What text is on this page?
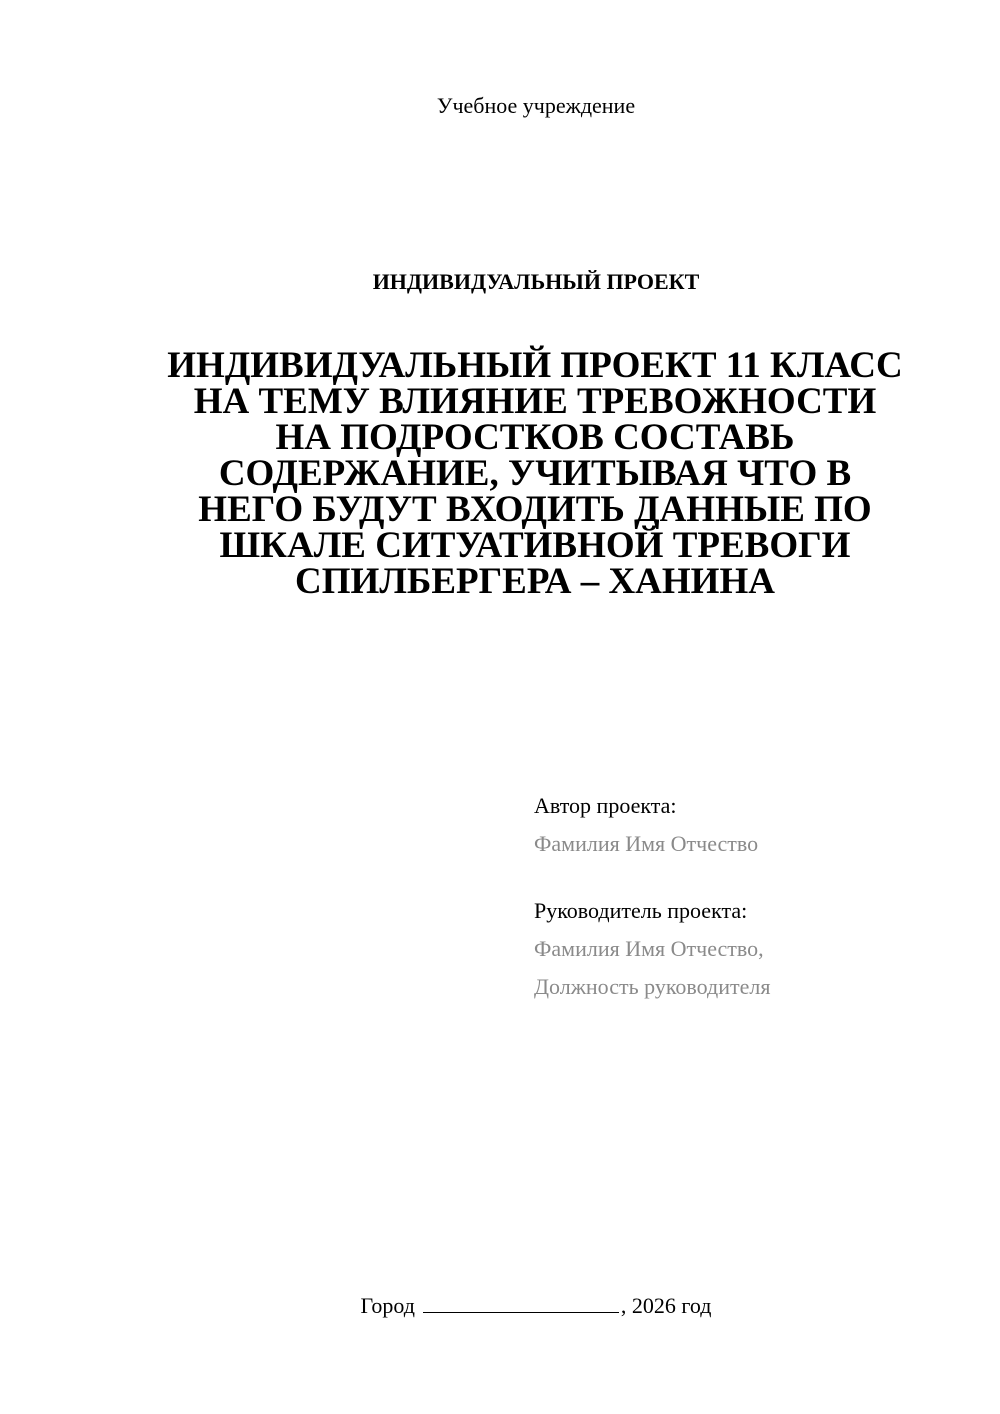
Учебное учреждение
ИНДИВИДУАЛЬНЫЙ ПРОЕКТ
ИНДИВИДУАЛЬНЫЙ ПРОЕКТ 11 КЛАСС
НА ТЕМУ ВЛИЯНИЕ ТРЕВОЖНОСТИ
НА ПОДРОСТКОВ СОСТАВЬ
СОДЕРЖАНИЕ, УЧИТЫВАЯ ЧТО В
НЕГО БУДУТ ВХОДИТЬ ДАННЫЕ ПО
ШКАЛЕ СИТУАТИВНОЙ ТРЕВОГИ
СПИЛБЕРГЕРА – ХАНИНА
Автор проекта:
Фамилия Имя Отчество
Руководитель проекта:
Фамилия Имя Отчество,
Должность руководителя
Город	, 2026 год
